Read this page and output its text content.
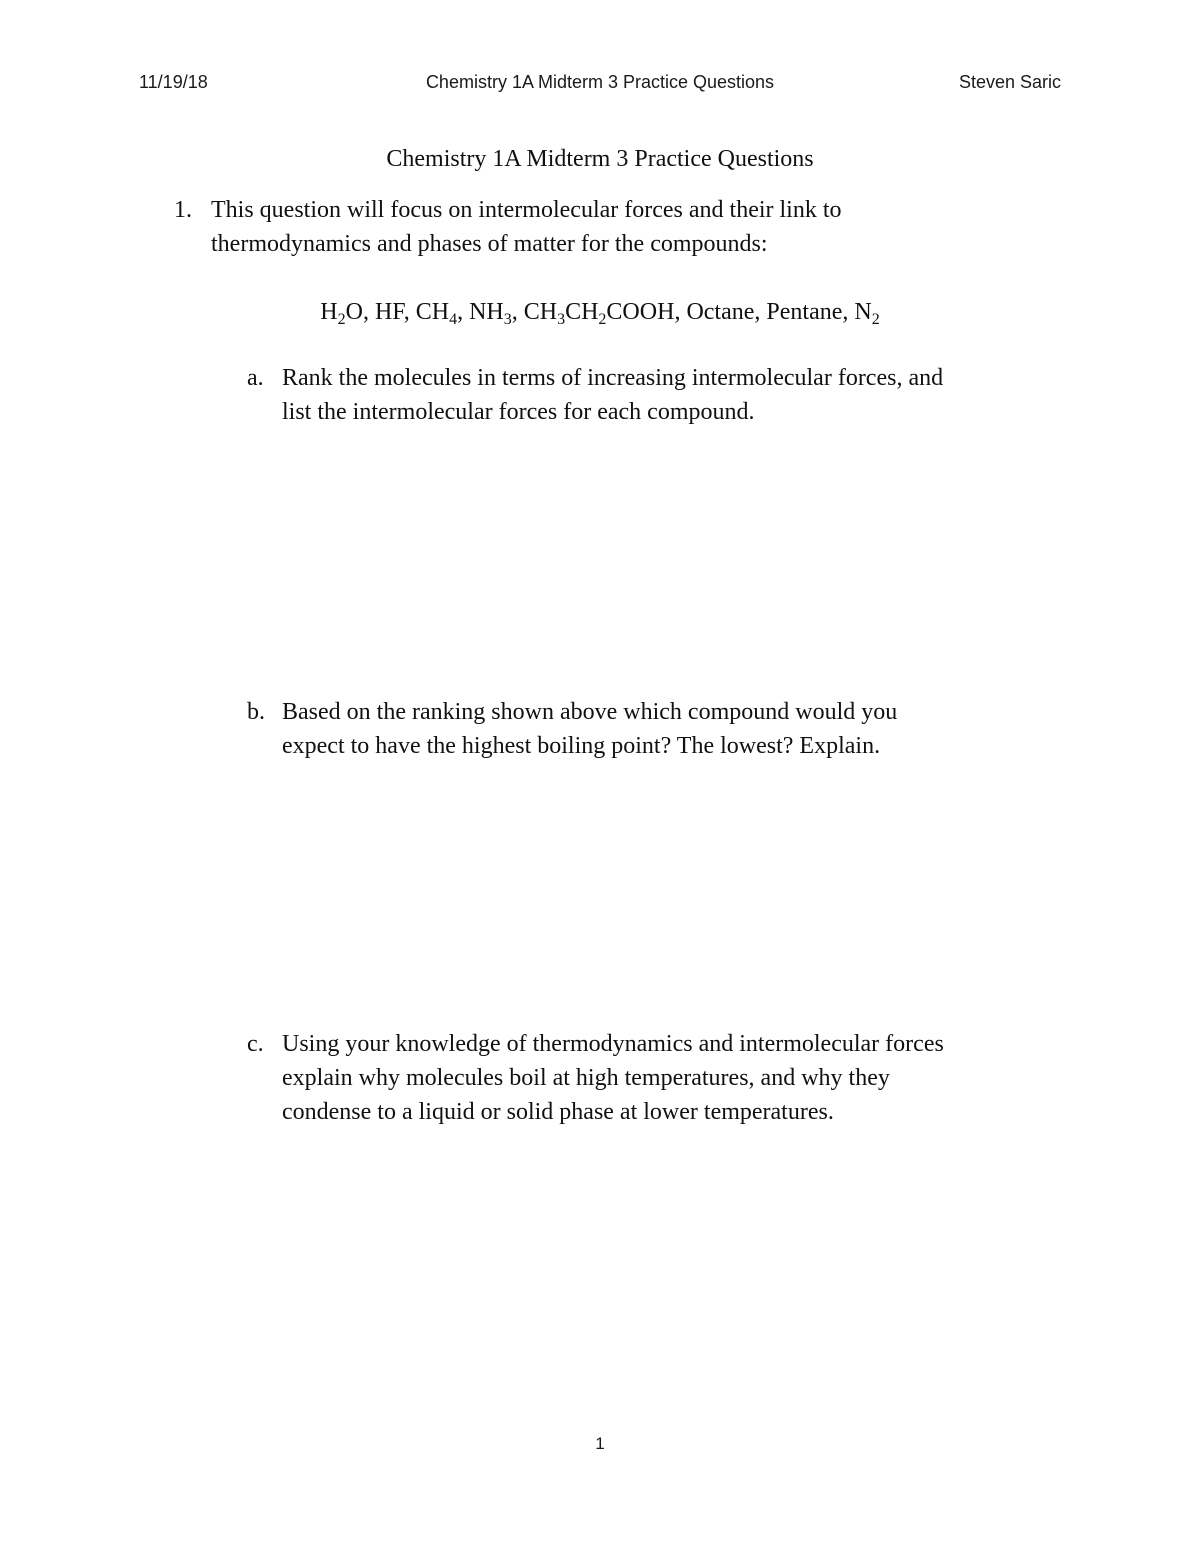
11/19/18	Chemistry 1A Midterm 3 Practice Questions	Steven Saric
Chemistry 1A Midterm 3 Practice Questions
1. This question will focus on intermolecular forces and their link to
thermodynamics and phases of matter for the compounds:
$H_2O$, HF, $CH_4$, $NH_3$, $CH_3CH_2COOH$, Octane, Pentane, $N_2$
a. Rank the molecules in terms of increasing intermolecular forces, and
list the intermolecular forces for each compound.
b. Based on the ranking shown above which compound would you
expect to have the highest boiling point? The lowest? Explain.
c. Using your knowledge of thermodynamics and intermolecular forces
explain why molecules boil at high temperatures, and why they
condense to a liquid or solid phase at lower temperatures.
1
